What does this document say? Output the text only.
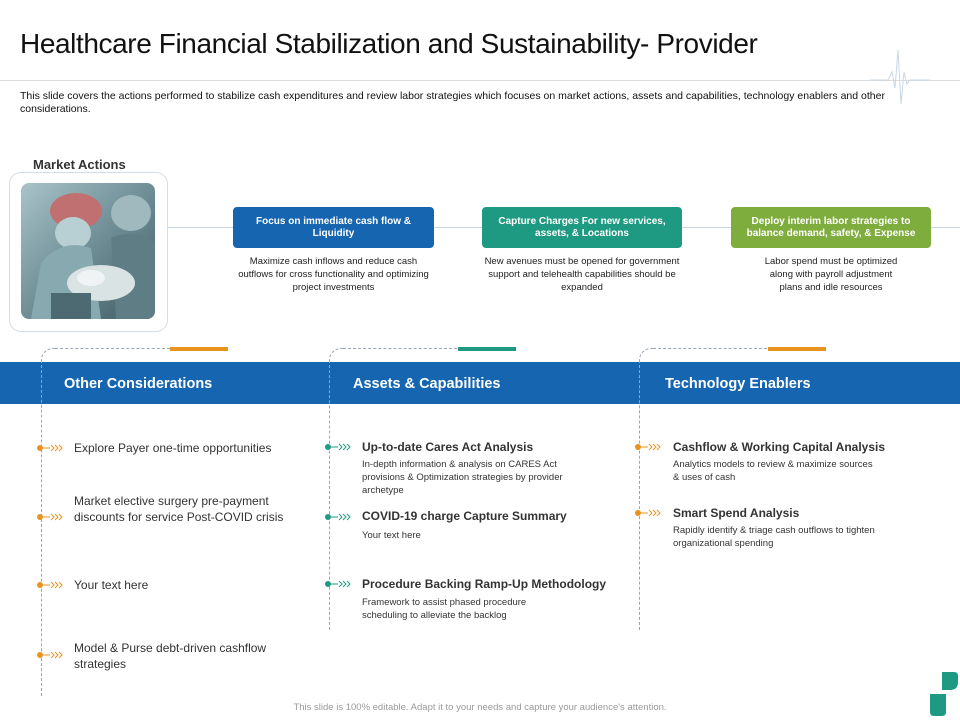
Healthcare Financial Stabilization and Sustainability- Provider

This slide covers the actions performed to stabilize cash expenditures and review labor strategies which focuses on market actions, assets and capabilities, technology enablers and other considerations.

Market Actions
Focus on immediate cash flow & Liquidity
Maximize cash inflows and reduce cash outflows for cross functionality and optimizing project investments
Capture Charges For new services, assets, & Locations
New avenues must be opened for government support and telehealth capabilities should be expanded
Deploy interim labor strategies to balance demand, safety, & Expense
Labor spend must be optimized along with payroll adjustment plans and idle resources
Other Considerations	Assets & Capabilities	Technology Enablers
Explore Payer one-time opportunities
Market elective surgery pre-payment discounts for service Post-COVID crisis
Your text here
Model & Purse debt-driven cashflow strategies
Up-to-date Cares Act Analysis
In-depth information & analysis on CARES Act provisions & Optimization strategies by provider archetype
COVID-19 charge Capture Summary
Your text here
Procedure Backing Ramp-Up Methodology
Framework to assist phased procedure scheduling to alleviate the backlog
Cashflow & Working Capital Analysis
Analytics models to review & maximize sources & uses of cash
Smart Spend Analysis
Rapidly identify & triage cash outflows to tighten organizational spending
This slide is 100% editable. Adapt it to your needs and capture your audience's attention.
